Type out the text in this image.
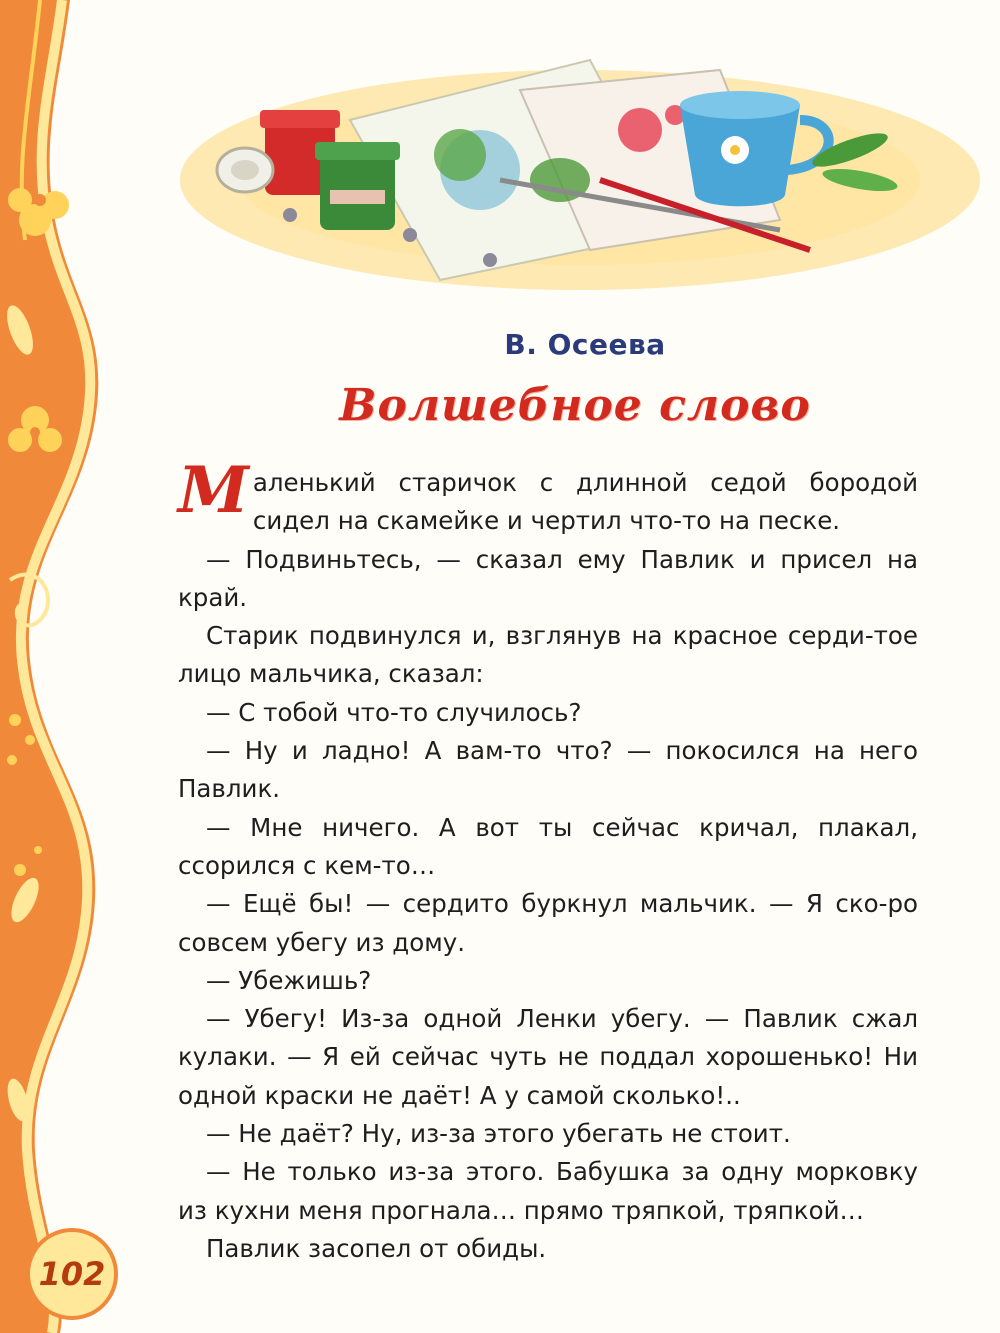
В. Осеева
Волшебное слово

Маленький старичок с длинной седой бородой сидел на скамейке и чертил что-то на песке.

— Подвиньтесь, — сказал ему Павлик и присел на край.

Старик подвинулся и, взглянув на красное серди-тое лицо мальчика, сказал:

— С тобой что-то случилось?

— Ну и ладно! А вам-то что? — покосился на него Павлик.

— Мне ничего. А вот ты сейчас кричал, плакал, ссорился с кем-то…

— Ещё бы! — сердито буркнул мальчик. — Я ско-ро совсем убегу из дому.

— Убежишь?

— Убегу! Из-за одной Ленки убегу. — Павлик сжал кулаки. — Я ей сейчас чуть не поддал хорошенько! Ни одной краски не даёт! А у самой сколько!..

— Не даёт? Ну, из-за этого убегать не стоит.

— Не только из-за этого. Бабушка за одну морковку из кухни меня прогнала… прямо тряпкой, тряпкой…

Павлик засопел от обиды.

102
